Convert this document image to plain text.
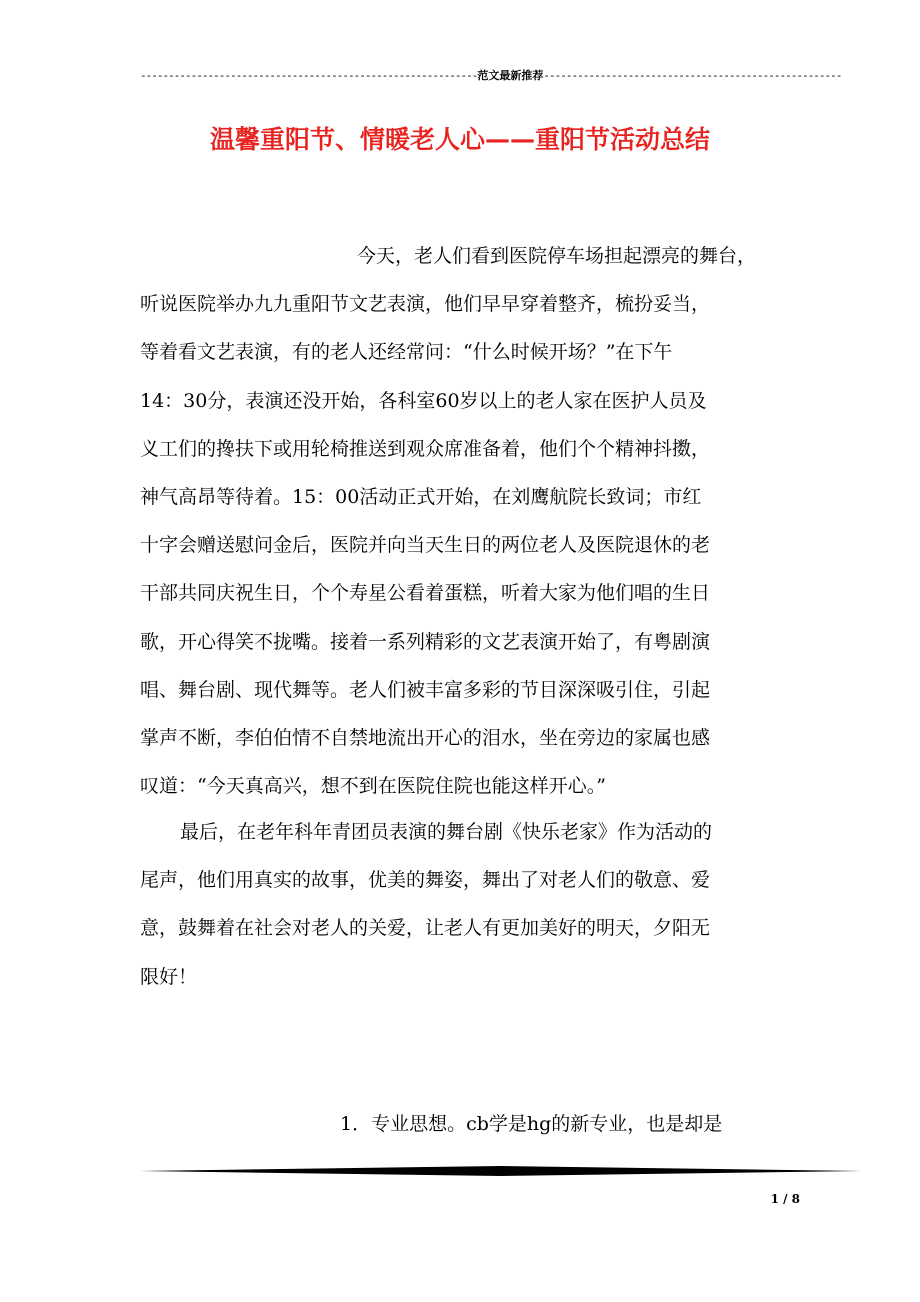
------------------------------------------------------------范文最新推荐-----------------------------------------------------
温馨重阳节、情暖老人心——重阳节活动总结
今天，老人们看到医院停车场担起漂亮的舞台，
听说医院举办九九重阳节文艺表演，他们早早穿着整齐，梳扮妥当，
等着看文艺表演，有的老人还经常问：“什么时候开场？”在下午
14：30分，表演还没开始，各科室60岁以上的老人家在医护人员及
义工们的搀扶下或用轮椅推送到观众席准备着，他们个个精神抖擞，
神气高昂等待着。15：00活动正式开始，在刘鹰航院长致词；市红
十字会赠送慰问金后，医院并向当天生日的两位老人及医院退休的老
干部共同庆祝生日，个个寿星公看着蛋糕，听着大家为他们唱的生日
歌，开心得笑不拢嘴。接着一系列精彩的文艺表演开始了，有粤剧演
唱、舞台剧、现代舞等。老人们被丰富多彩的节目深深吸引住，引起
掌声不断，李伯伯情不自禁地流出开心的泪水，坐在旁边的家属也感
叹道：“今天真高兴，想不到在医院住院也能这样开心。”
最后，在老年科年青团员表演的舞台剧《快乐老家》作为活动的
尾声，他们用真实的故事，优美的舞姿，舞出了对老人们的敬意、爱
意，鼓舞着在社会对老人的关爱，让老人有更加美好的明天，夕阳无
限好！
1．专业思想。cb学是hg的新专业，也是却是
1 / 8
